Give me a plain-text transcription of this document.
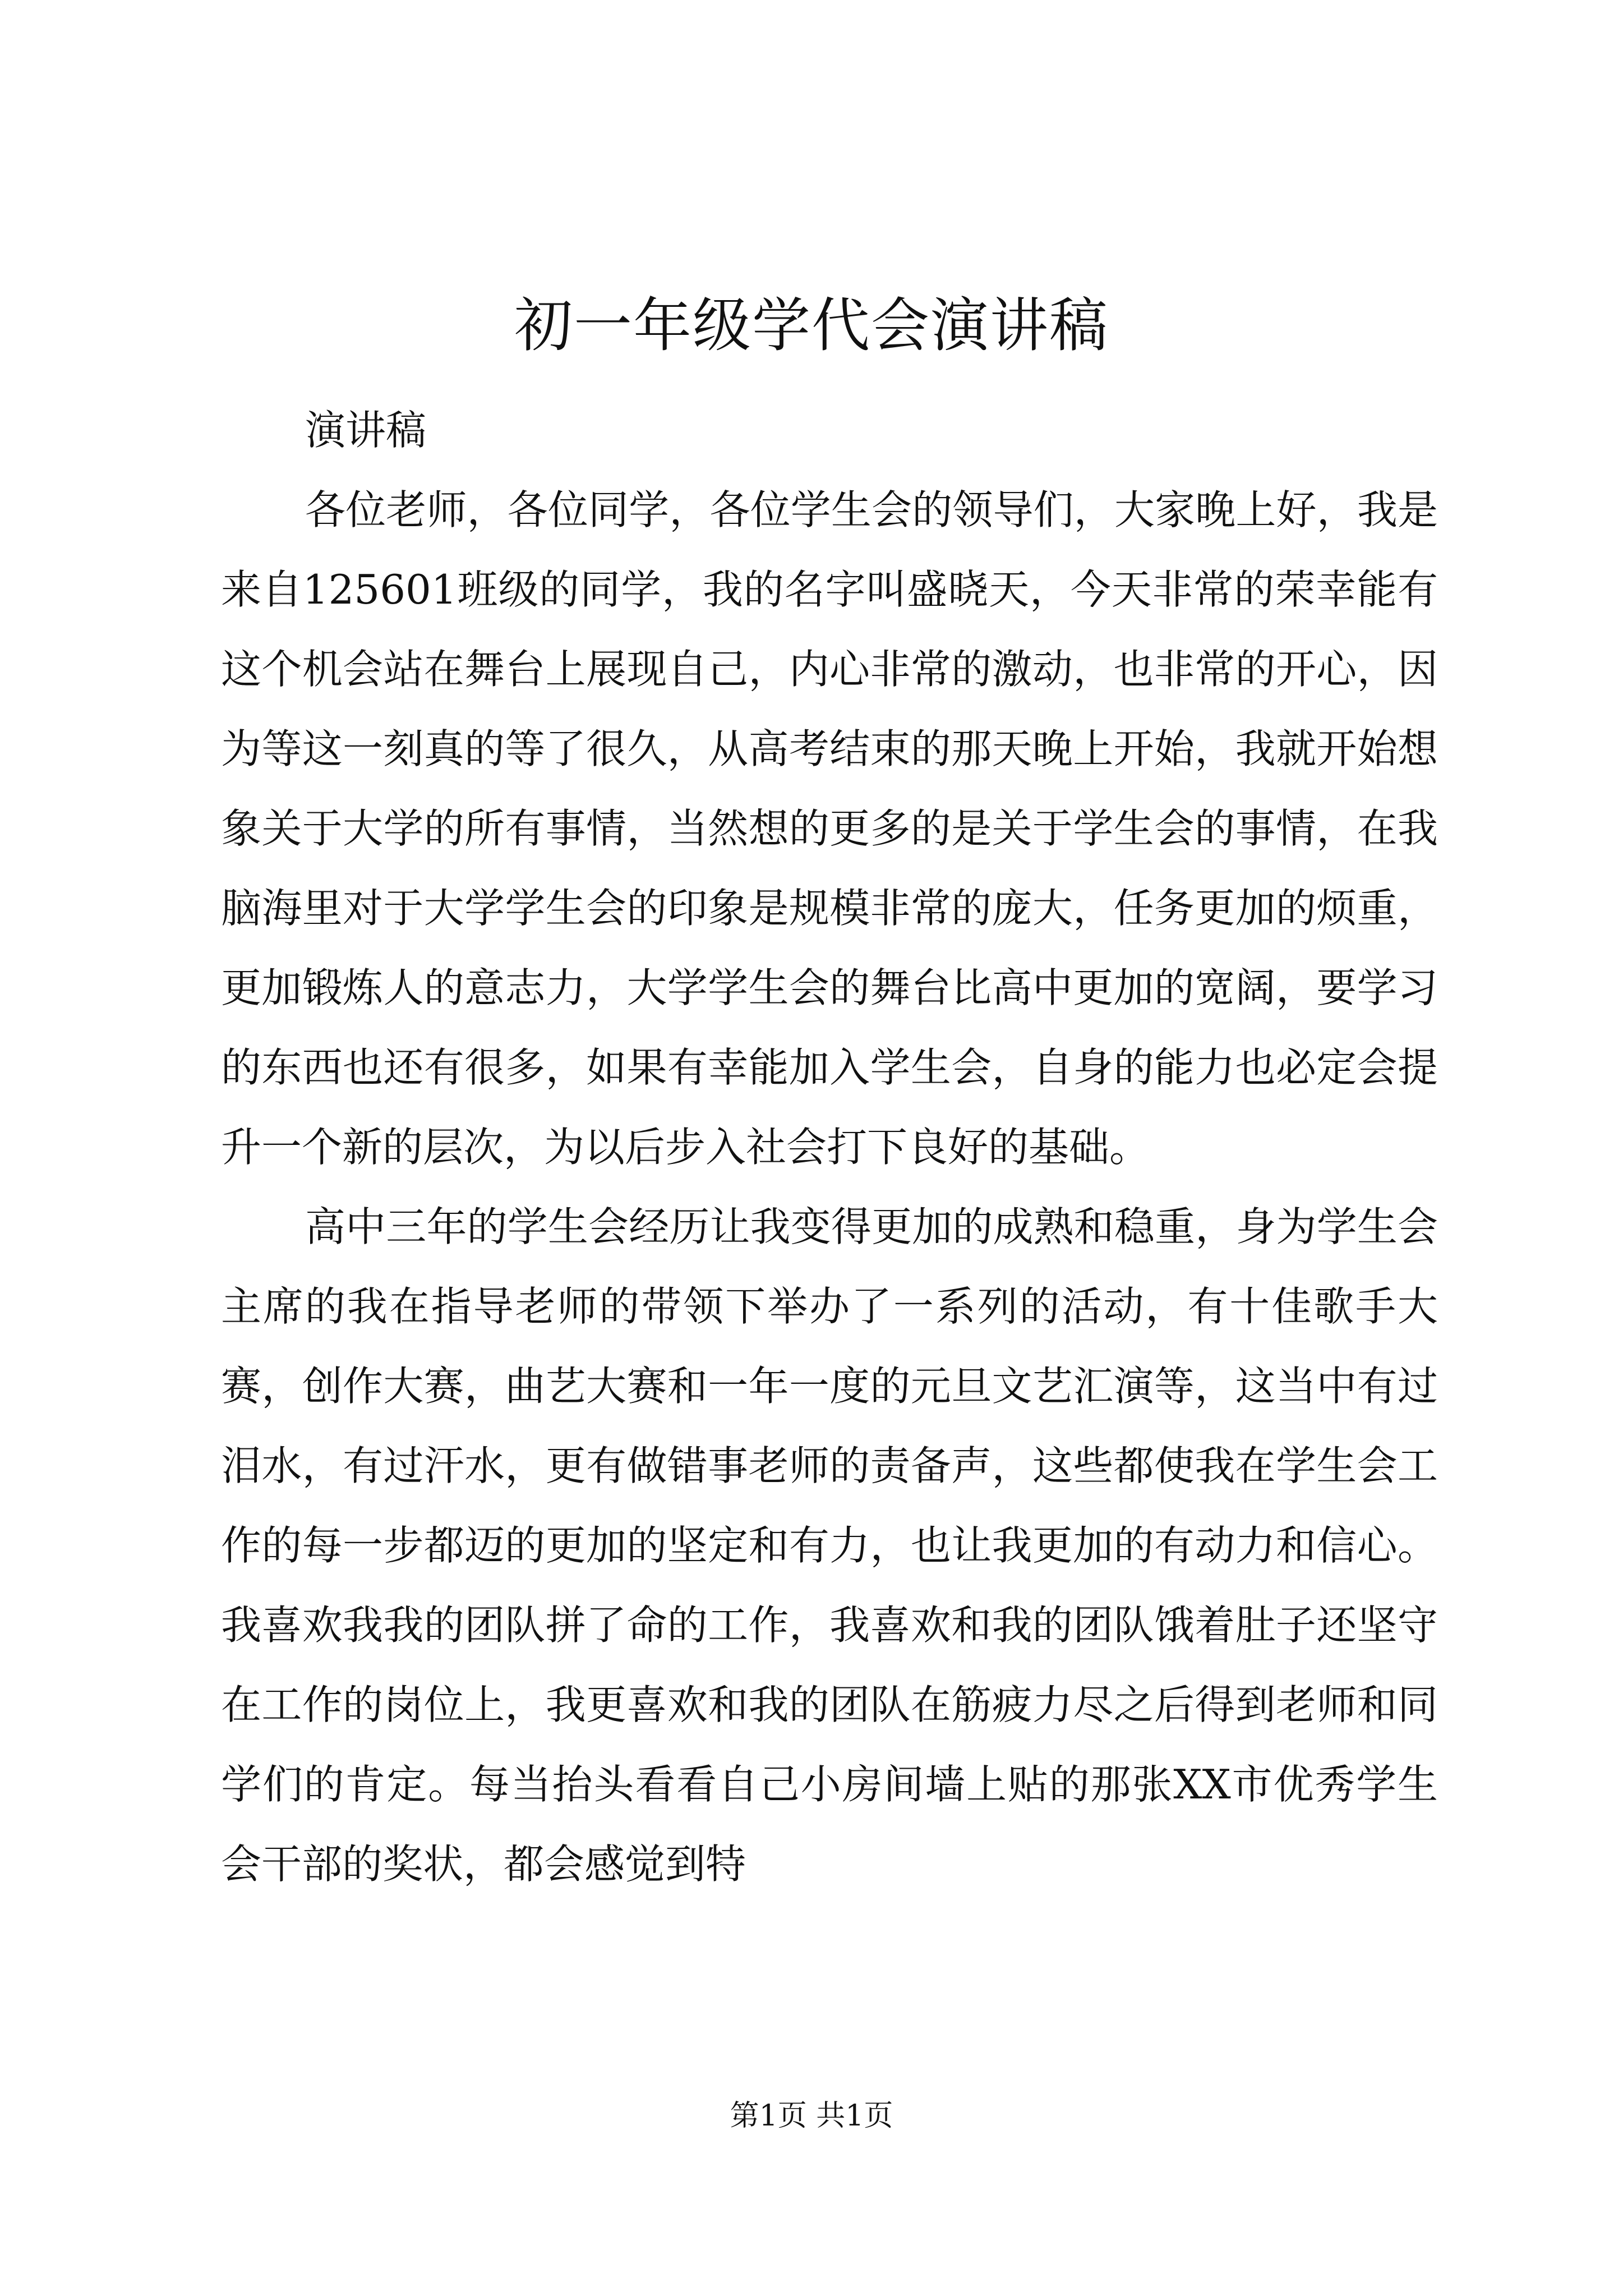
初一年级学代会演讲稿

演讲稿

各位老师，各位同学，各位学生会的领导们，大家晚上好，我是来自125601班级的同学，我的名字叫盛晓天，今天非常的荣幸能有这个机会站在舞台上展现自己，内心非常的激动，也非常的开心，因为等这一刻真的等了很久，从高考结束的那天晚上开始，我就开始想象关于大学的所有事情，当然想的更多的是关于学生会的事情，在我脑海里对于大学学生会的印象是规模非常的庞大，任务更加的烦重，更加锻炼人的意志力，大学学生会的舞台比高中更加的宽阔，要学习的东西也还有很多，如果有幸能加入学生会，自身的能力也必定会提升一个新的层次，为以后步入社会打下良好的基础。

高中三年的学生会经历让我变得更加的成熟和稳重，身为学生会主席的我在指导老师的带领下举办了一系列的活动，有十佳歌手大赛，创作大赛，曲艺大赛和一年一度的元旦文艺汇演等，这当中有过泪水，有过汗水，更有做错事老师的责备声，这些都使我在学生会工作的每一步都迈的更加的坚定和有力，也让我更加的有动力和信心。我喜欢我我的团队拼了命的工作，我喜欢和我的团队饿着肚子还坚守在工作的岗位上，我更喜欢和我的团队在筋疲力尽之后得到老师和同学们的肯定。每当抬头看看自己小房间墙上贴的那张XX市优秀学生会干部的奖状，都会感觉到特

第1页 共1页
